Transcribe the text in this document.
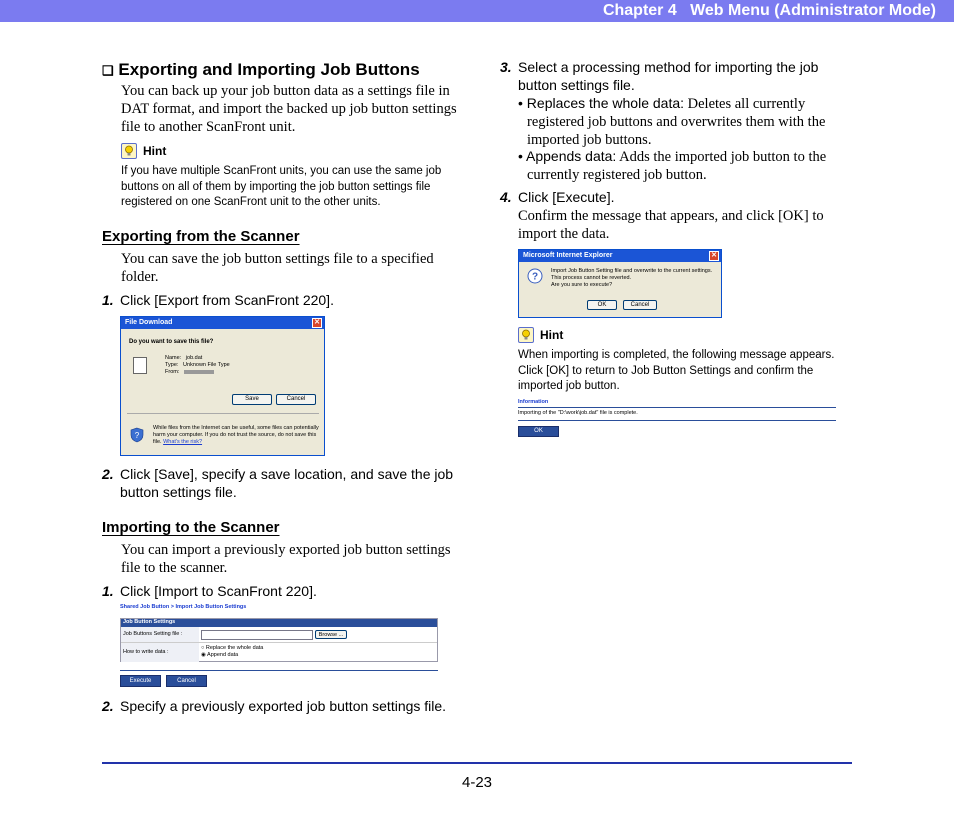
Chapter 4   Web Menu (Administrator Mode)
❑ Exporting and Importing Job Buttons
You can back up your job button data as a settings file in
DAT format, and import the backed up job button settings
file to another ScanFront unit.
Hint
If you have multiple ScanFront units, you can use the same job
buttons on all of them by importing the job button settings file
registered on one ScanFront unit to the other units.
Exporting from the Scanner
You can save the job button settings file to a specified
folder.
1. Click [Export from ScanFront 220].
File Download	✕
Do you want to save this file?
Name: job.dat
Type: Unknown File Type
From:
Save	Cancel
?
While files from the Internet can be useful, some files can potentially
harm your computer. If you do not trust the source, do not save this
file. What's the risk?
2. Click [Save], specify a save location, and save the job
button settings file.
Importing to the Scanner
You can import a previously exported job button settings
file to the scanner.
1. Click [Import to ScanFront 220].
Shared Job Button > Import Job Button Settings
Job Button Settings
Job Buttons Setting file :	Browse ...
How to write data :
○ Replace the whole data
◉ Append data
Execute	Cancel
2. Specify a previously exported job button settings file.
3. Select a processing method for importing the job
button settings file.
• Replaces the whole data: Deletes all currently
registered job buttons and overwrites them with the
imported job buttons.
• Appends data: Adds the imported job button to the
currently registered job button.
4. Click [Execute].
Confirm the message that appears, and click [OK] to
import the data.
Microsoft Internet Explorer	✕
?
Import Job Button Setting file and overwrite to the current settings.
This process cannot be reverted.
Are you sure to execute?
OK	Cancel
Hint
When importing is completed, the following message appears.
Click [OK] to return to Job Button Settings and confirm the
imported job button.
Information
Importing of the "D:\work\job.dat" file is complete.
OK
4-23
